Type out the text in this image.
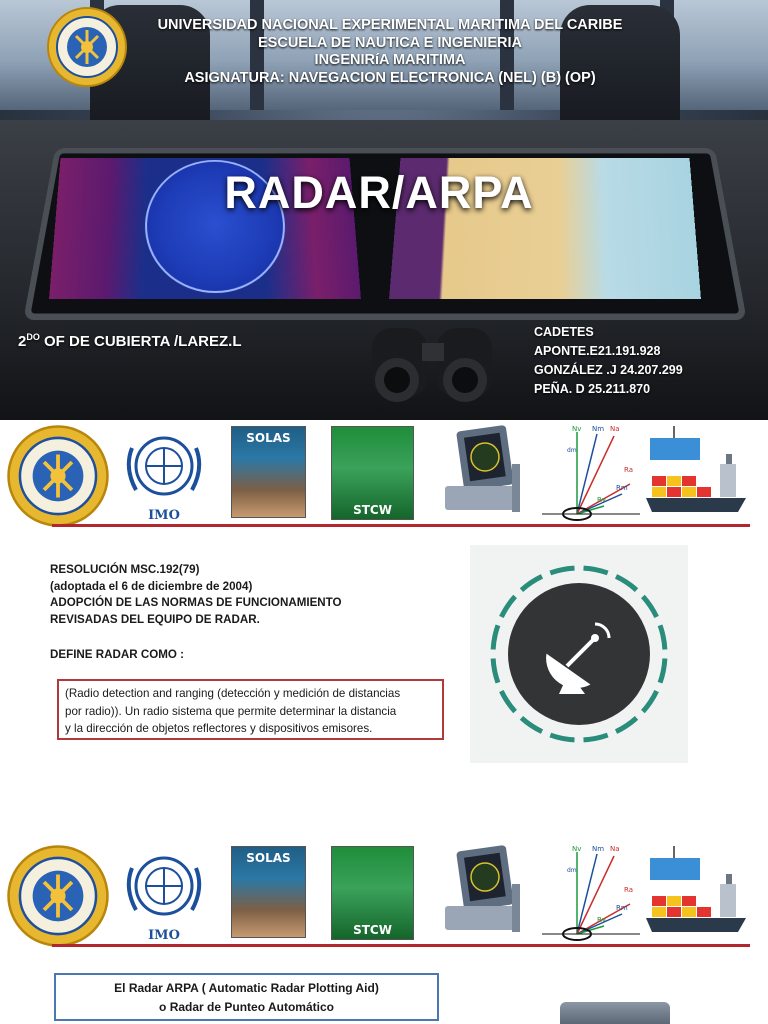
UNIVERSIDAD NACIONAL EXPERIMENTAL MARITIMA DEL CARIBE
ESCUELA DE NAUTICA E INGENIERIA
INGENIRíA MARITIMA
ASIGNATURA: NAVEGACION ELECTRONICA (NEL) (B) (OP)
RADAR/ARPA
$2^{DO}$ OF DE CUBIERTA /LAREZ.L
CADETES
APONTE.E21.191.928
GONZÁLEZ .J 24.207.299
PEÑA. D 25.211.870
IMO
SOLAS
STCW
Nv Nm Na
dm
Ra
Rm
Rv
RESOLUCIÓN MSC.192(79)
(adoptada el 6 de diciembre de 2004)
ADOPCIÓN DE LAS NORMAS DE FUNCIONAMIENTO
REVISADAS DEL EQUIPO DE RADAR.
DEFINE RADAR COMO :
(Radio detection and ranging (detección y medición de distancias
por radio)). Un radio sistema que permite determinar la distancia
y la dirección de objetos reflectores y dispositivos emisores.
IMO
SOLAS
STCW
Nv Nm Na
dm
Ra
Rm
Rv
El Radar ARPA ( Automatic Radar Plotting Aid)
o Radar de Punteo Automático
